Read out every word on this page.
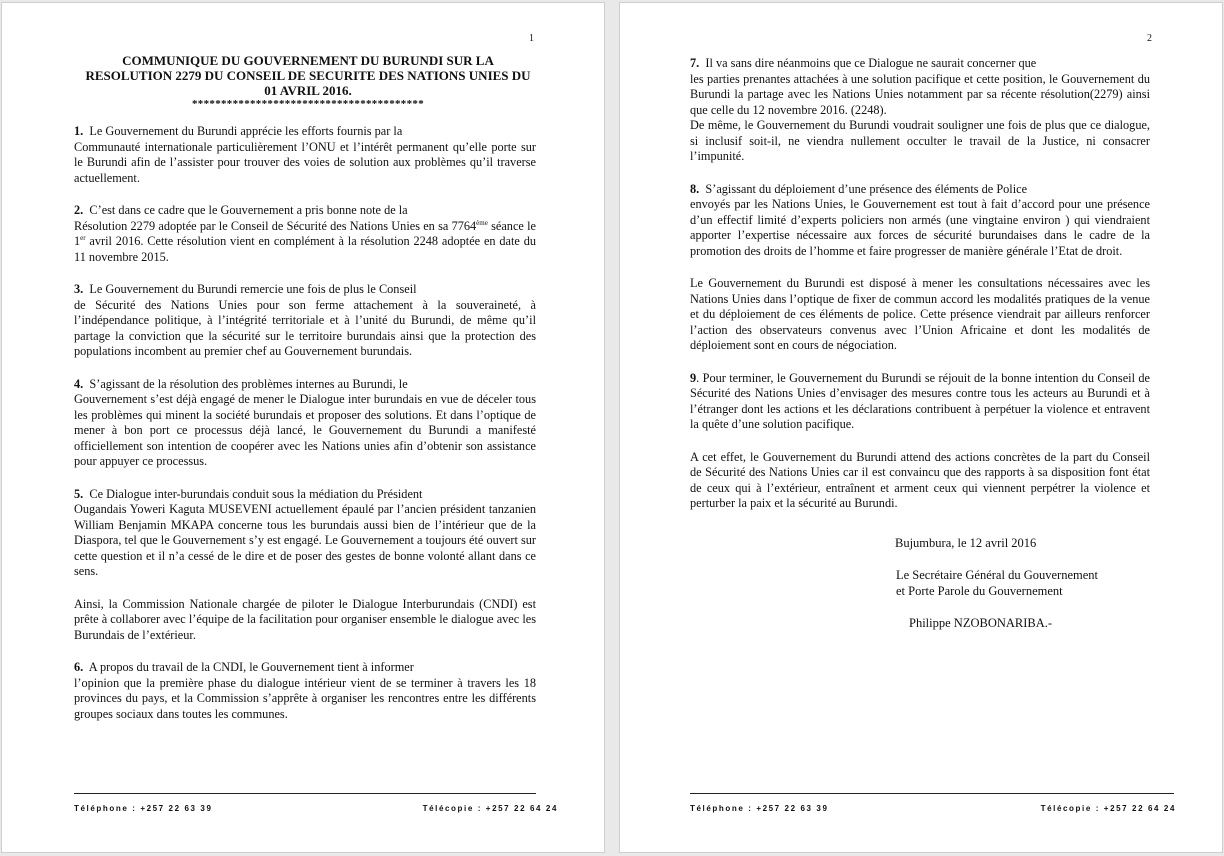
1

COMMUNIQUE DU GOUVERNEMENT DU BURUNDI SUR LA RESOLUTION 2279 DU CONSEIL DE SECURITE DES NATIONS UNIES DU 01 AVRIL 2016.

****************************************

1. Le Gouvernement du Burundi apprécie les efforts fournis par la
Communauté internationale particulièrement l’ONU et l’intérêt permanent qu’elle porte sur le Burundi afin de l’assister pour trouver des voies de solution aux problèmes qu’il traverse actuellement.

2. C’est dans ce cadre que le Gouvernement a pris bonne note de la
Résolution 2279 adoptée par le Conseil de Sécurité des Nations Unies en sa 7764ème séance le 1er avril 2016. Cette résolution vient en complément à la résolution 2248 adoptée en date du 11 novembre 2015.

3. Le Gouvernement du Burundi remercie une fois de plus le Conseil
de Sécurité des Nations Unies pour son ferme attachement à la souveraineté, à l’indépendance politique, à l’intégrité territoriale et à l’unité du Burundi, de même qu’il partage la conviction que la sécurité sur le territoire burundais ainsi que la protection des populations incombent au premier chef au Gouvernement burundais.

4. S’agissant de la résolution des problèmes internes au Burundi, le
Gouvernement s’est déjà engagé de mener le Dialogue inter burundais en vue de déceler tous les problèmes qui minent la société burundais et proposer des solutions. Et dans l’optique de mener à bon port ce processus déjà lancé, le Gouvernement du Burundi a manifesté officiellement son intention de coopérer avec les Nations unies afin d’obtenir son assistance pour appuyer ce processus.

5. Ce Dialogue inter-burundais conduit sous la médiation du Président
Ougandais Yoweri Kaguta MUSEVENI actuellement épaulé par l’ancien président tanzanien William Benjamin MKAPA concerne tous les burundais aussi bien de l’intérieur que de la Diaspora, tel que le Gouvernement s’y est engagé. Le Gouvernement a toujours été ouvert sur cette question et il n’a cessé de le dire et de poser des gestes de bonne volonté allant dans ce sens.

Ainsi, la Commission Nationale chargée de piloter le Dialogue Interburundais (CNDI) est prête à collaborer avec l’équipe de la facilitation pour organiser ensemble le dialogue avec les Burundais de l’extérieur.

6. A propos du travail de la CNDI, le Gouvernement tient à informer
l’opinion que la première phase du dialogue intérieur vient de se terminer à travers les 18 provinces du pays, et la Commission s’apprête à organiser les rencontres entre les différents groupes sociaux dans toutes les communes.

Téléphone : +257 22 63 39	Télécopie : +257 22 64 24
2

7. Il va sans dire néanmoins que ce Dialogue ne saurait concerner que
les parties prenantes attachées à une solution pacifique et cette position, le Gouvernement du Burundi la partage avec les Nations Unies notamment par sa récente résolution(2279) ainsi que celle du 12 novembre 2016. (2248).
De même, le Gouvernement du Burundi voudrait souligner une fois de plus que ce dialogue, si inclusif soit-il, ne viendra nullement occulter le travail de la Justice, ni consacrer l’impunité.

8. S’agissant du déploiement d’une présence des éléments de Police
envoyés par les Nations Unies, le Gouvernement est tout à fait d’accord pour une présence d’un effectif limité d’experts policiers non armés (une vingtaine environ ) qui viendraient apporter l’expertise nécessaire aux forces de sécurité burundaises dans le cadre de la promotion des droits de l’homme et faire progresser de manière générale l’Etat de droit.

Le Gouvernement du Burundi est disposé à mener les consultations nécessaires avec les Nations Unies dans l’optique de fixer de commun accord les modalités pratiques de la venue et du déploiement de ces éléments de police. Cette présence viendrait par ailleurs renforcer l’action des observateurs convenus avec l’Union Africaine et dont les modalités de déploiement sont en cours de négociation.

9. Pour terminer, le Gouvernement du Burundi se réjouit de la bonne intention du Conseil de Sécurité des Nations Unies d’envisager des mesures contre tous les acteurs au Burundi et à l’étranger dont les actions et les déclarations contribuent à perpétuer la violence et entravent la quête d’une solution pacifique.

A cet effet, le Gouvernement du Burundi attend des actions concrètes de la part du Conseil de Sécurité des Nations Unies car il est convaincu que des rapports à sa disposition font état de ceux qui à l’extérieur, entraînent et arment ceux qui viennent perpétrer la violence et perturber la paix et la sécurité au Burundi.

Bujumbura, le 12 avril 2016
Le Secrétaire Général du Gouvernement
et Porte Parole du Gouvernement
Philippe NZOBONARIBA.-
Téléphone : +257 22 63 39	Télécopie : +257 22 64 24
